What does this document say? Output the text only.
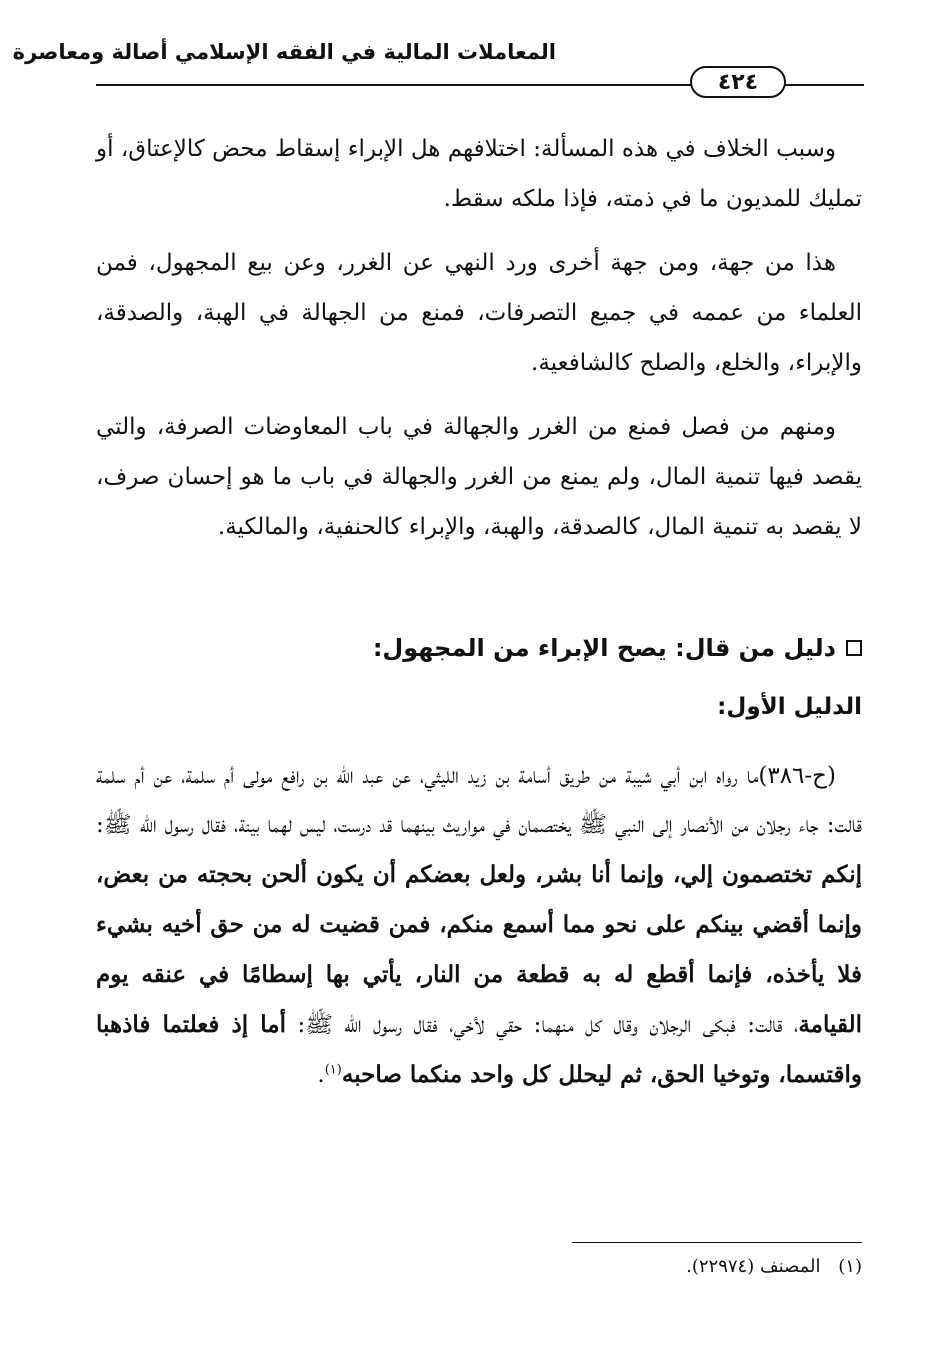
المعاملات المالية في الفقه الإسلامي أصالة ومعاصرة
٤٢٤

وسبب الخلاف في هذه المسألة: اختلافهم هل الإبراء إسقاط محض كالإعتاق، أو تمليك للمديون ما في ذمته، فإذا ملكه سقط.

هذا من جهة، ومن جهة أخرى ورد النهي عن الغرر، وعن بيع المجهول، فمن العلماء من عممه في جميع التصرفات، فمنع من الجهالة في الهبة، والصدقة، والإبراء، والخلع، والصلح كالشافعية.

ومنهم من فصل فمنع من الغرر والجهالة في باب المعاوضات الصرفة، والتي يقصد فيها تنمية المال، ولم يمنع من الغرر والجهالة في باب ما هو إحسان صرف، لا يقصد به تنمية المال، كالصدقة، والهبة، والإبراء كالحنفية، والمالكية.

دليل من قال: يصح الإبراء من المجهول:
الدليل الأول:

(ح-٣٨٦)ما رواه ابن أبي شيبة من طريق أسامة بن زيد الليثي، عن عبد الله بن رافع مولى أم سلمة، عن أم سلمة قالت: جاء رجلان من الأنصار إلى النبي ﷺ يختصمان في مواريث بينهما قد درست، ليس لهما بينة، فقال رسول الله ﷺ: إنكم تختصمون إلي، وإنما أنا بشر، ولعل بعضكم أن يكون ألحن بحجته من بعض، وإنما أقضي بينكم على نحو مما أسمع منكم، فمن قضيت له من حق أخيه بشيء فلا يأخذه، فإنما أقطع له به قطعة من النار، يأتي بها إسطامًا في عنقه يوم القيامة، قالت: فبكى الرجلان وقال كل منهما: حقي لأخي، فقال رسول الله ﷺ: أما إذ فعلتما فاذهبا واقتسما، وتوخيا الحق، ثم ليحلل كل واحد منكما صاحبه$^{(١)}$.

(١) المصنف (٢٢٩٧٤).
